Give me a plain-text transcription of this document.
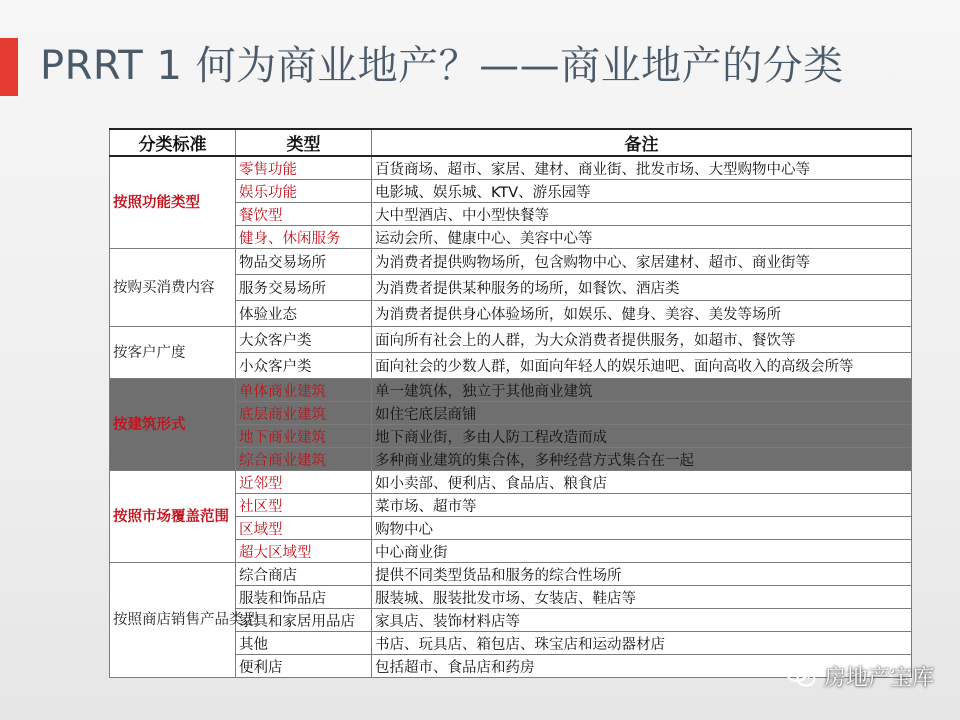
PRRT 1 何为商业地产？——商业地产的分类
分类标准	类型	备注
按照功能类型	零售功能	百货商场、超市、家居、建材、商业街、批发市场、大型购物中心等
	娱乐功能	电影城、娱乐城、KTV、游乐园等
	餐饮型	大中型酒店、中小型快餐等
	健身、休闲服务	运动会所、健康中心、美容中心等
按购买消费内容	物品交易场所	为消费者提供购物场所，包含购物中心、家居建材、超市、商业街等
	服务交易场所	为消费者提供某种服务的场所，如餐饮、酒店类
	体验业态	为消费者提供身心体验场所，如娱乐、健身、美容、美发等场所
按客户广度	大众客户类	面向所有社会上的人群，为大众消费者提供服务，如超市、餐饮等
	小众客户类	面向社会的少数人群，如面向年轻人的娱乐迪吧、面向高收入的高级会所等
按建筑形式	单体商业建筑	单一建筑体，独立于其他商业建筑
	底层商业建筑	如住宅底层商铺
	地下商业建筑	地下商业街，多由人防工程改造而成
	综合商业建筑	多种商业建筑的集合体，多种经营方式集合在一起
按照市场覆盖范围	近邻型	如小卖部、便利店、食品店、粮食店
	社区型	菜市场、超市等
	区域型	购物中心
	超大区域型	中心商业街
按照商店销售产品类型	综合商店	提供不同类型货品和服务的综合性场所
	服装和饰品店	服装城、服装批发市场、女装店、鞋店等
	家具和家居用品店	家具店、装饰材料店等
	其他	书店、玩具店、箱包店、珠宝店和运动器材店
	便利店	包括超市、食品店和药房	房地产宝库
